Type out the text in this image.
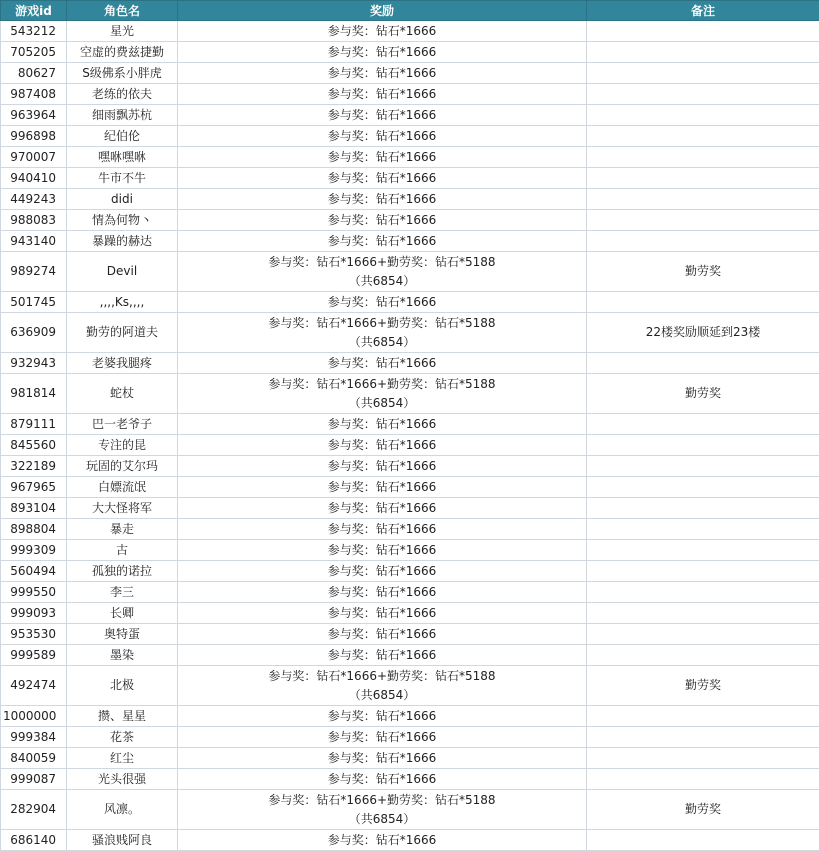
游戏id	角色名	奖励	备注
543212	星光	参与奖：钻石*1666	

705205	空虚的费兹捷勤	参与奖：钻石*1666	

80627	S级佛系小胖虎	参与奖：钻石*1666	

987408	老练的依夫	参与奖：钻石*1666	

963964	细雨飘苏杭	参与奖：钻石*1666	

996898	纪伯伦	参与奖：钻石*1666	

970007	嘿咻嘿咻	参与奖：钻石*1666	

940410	牛市不牛	参与奖：钻石*1666	

449243	didi	参与奖：钻石*1666	

988083	情為何物丶	参与奖：钻石*1666	

943140	暴躁的赫达	参与奖：钻石*1666	

989274	Devil	参与奖：钻石*1666+勤劳奖：钻石*5188
（共6854）	勤劳奖
501745	,,,,Ks,,,,	参与奖：钻石*1666	

636909	勤劳的阿道夫	参与奖：钻石*1666+勤劳奖：钻石*5188
（共6854）	22楼奖励顺延到23楼
932943	老婆我腿疼	参与奖：钻石*1666	

981814	蛇杖	参与奖：钻石*1666+勤劳奖：钻石*5188
（共6854）	勤劳奖
879111	巴一老爷子	参与奖：钻石*1666	

845560	专注的昆	参与奖：钻石*1666	

322189	玩固的艾尔玛	参与奖：钻石*1666	

967965	白嫖流氓	参与奖：钻石*1666	

893104	大大怪将军	参与奖：钻石*1666	

898804	暴走	参与奖：钻石*1666	

999309	古	参与奖：钻石*1666	

560494	孤独的诺拉	参与奖：钻石*1666	

999550	李三	参与奖：钻石*1666	

999093	长卿	参与奖：钻石*1666	

953530	奥特蛋	参与奖：钻石*1666	

999589	墨染	参与奖：钻石*1666	

492474	北极	参与奖：钻石*1666+勤劳奖：钻石*5188
（共6854）	勤劳奖
1000000	攒、星星	参与奖：钻石*1666	

999384	花茶	参与奖：钻石*1666	

840059	红尘	参与奖：钻石*1666	

999087	光头很强	参与奖：钻石*1666	

282904	风凛。	参与奖：钻石*1666+勤劳奖：钻石*5188
（共6854）	勤劳奖
686140	骚浪贱阿良	参与奖：钻石*1666	
